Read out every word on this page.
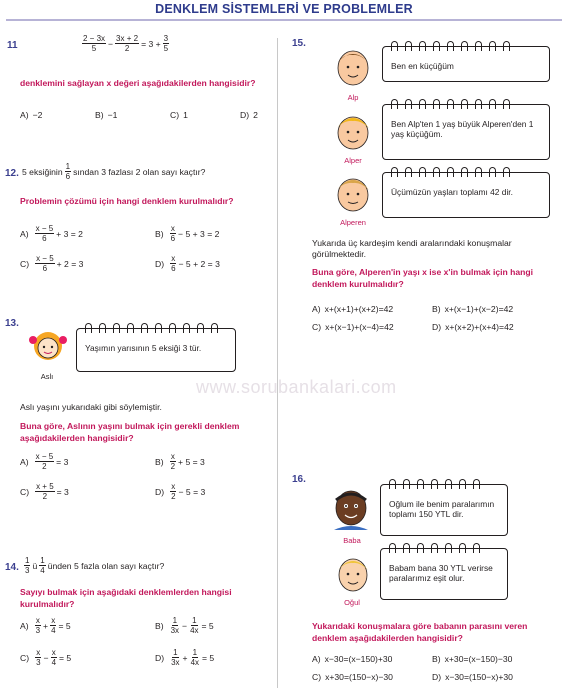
DENKLEM SİSTEMLERİ VE PROBLEMLER
www.sorubankalari.com
11	$\frac{2 - 3x}{5} - \frac{3x + 2}{2} = 3 + \frac{3}{5}$
denklemini sağlayan x değeri aşağıdakilerden hangisidir?
A) −2	B) −1	C) 1	D) 2
12. 5 eksiğinin $\frac{1}{6}$ sından 3 fazlası 2 olan sayı kaçtır?
Problemin çözümü için hangi denklem kurulmalıdır?
$A) \frac{x - 5}{6} + 3 = 2$	$B) \frac{x}{6} - 5 + 3 = 2$
$C) \frac{x - 5}{6} + 2 = 3$	$D) \frac{x}{6} - 5 + 2 = 3$
13.
Aslı
Yaşımın yarısının 5 eksiği 3 tür.
Aslı yaşını yukarıdaki gibi söylemiştir.
Buna göre, Aslının yaşını bulmak için gerekli denklem aşağıdakilerden hangisidir?
$A) \frac{x - 5}{2} = 3$	$B) \frac{x}{2} + 5 = 3$
$C) \frac{x + 5}{2} = 3$	$D) \frac{x}{2} - 5 = 3$
14. $\frac{1}{3}$ ü $\frac{1}{4}$ ünden 5 fazla olan sayı kaçtır?
Sayıyı bulmak için aşağıdaki denklemlerden hangisi kurulmalıdır?
$A) \frac{x}{3} + \frac{x}{4} = 5$	$B) \frac{1}{3x} - \frac{1}{4x} = 5$
$C) \frac{x}{3} - \frac{x}{4} = 5$	$D) \frac{1}{3x} + \frac{1}{4x} = 5$
15.
Alp
Ben en küçüğüm
Alper
Ben Alp'ten 1 yaş büyük Alperen'den 1 yaş küçüğüm.
Alperen
Üçümüzün yaşları toplamı 42 dir.
Yukarıda üç kardeşim kendi aralarındaki konuşmalar görülmektedir.
Buna göre, Alperen'in yaşı x ise x'in bulmak için hangi denklem kurulmalıdır?
A) x+(x+1)+(x+2)=42	B) x+(x−1)+(x−2)=42
C) x+(x−1)+(x−4)=42	D) x+(x+2)+(x+4)=42
16.
Baba
Oğlum ile benim paralarımın toplamı 150 YTL dir.
Oğul
Babam bana 30 YTL verirse paralarımız eşit olur.
Yukarıdaki konuşmalara göre babanın parasını veren denklem aşağıdakilerden hangisidir?
A) x−30=(x−150)+30	B) x+30=(x−150)−30
C) x+30=(150−x)−30	D) x−30=(150−x)+30
